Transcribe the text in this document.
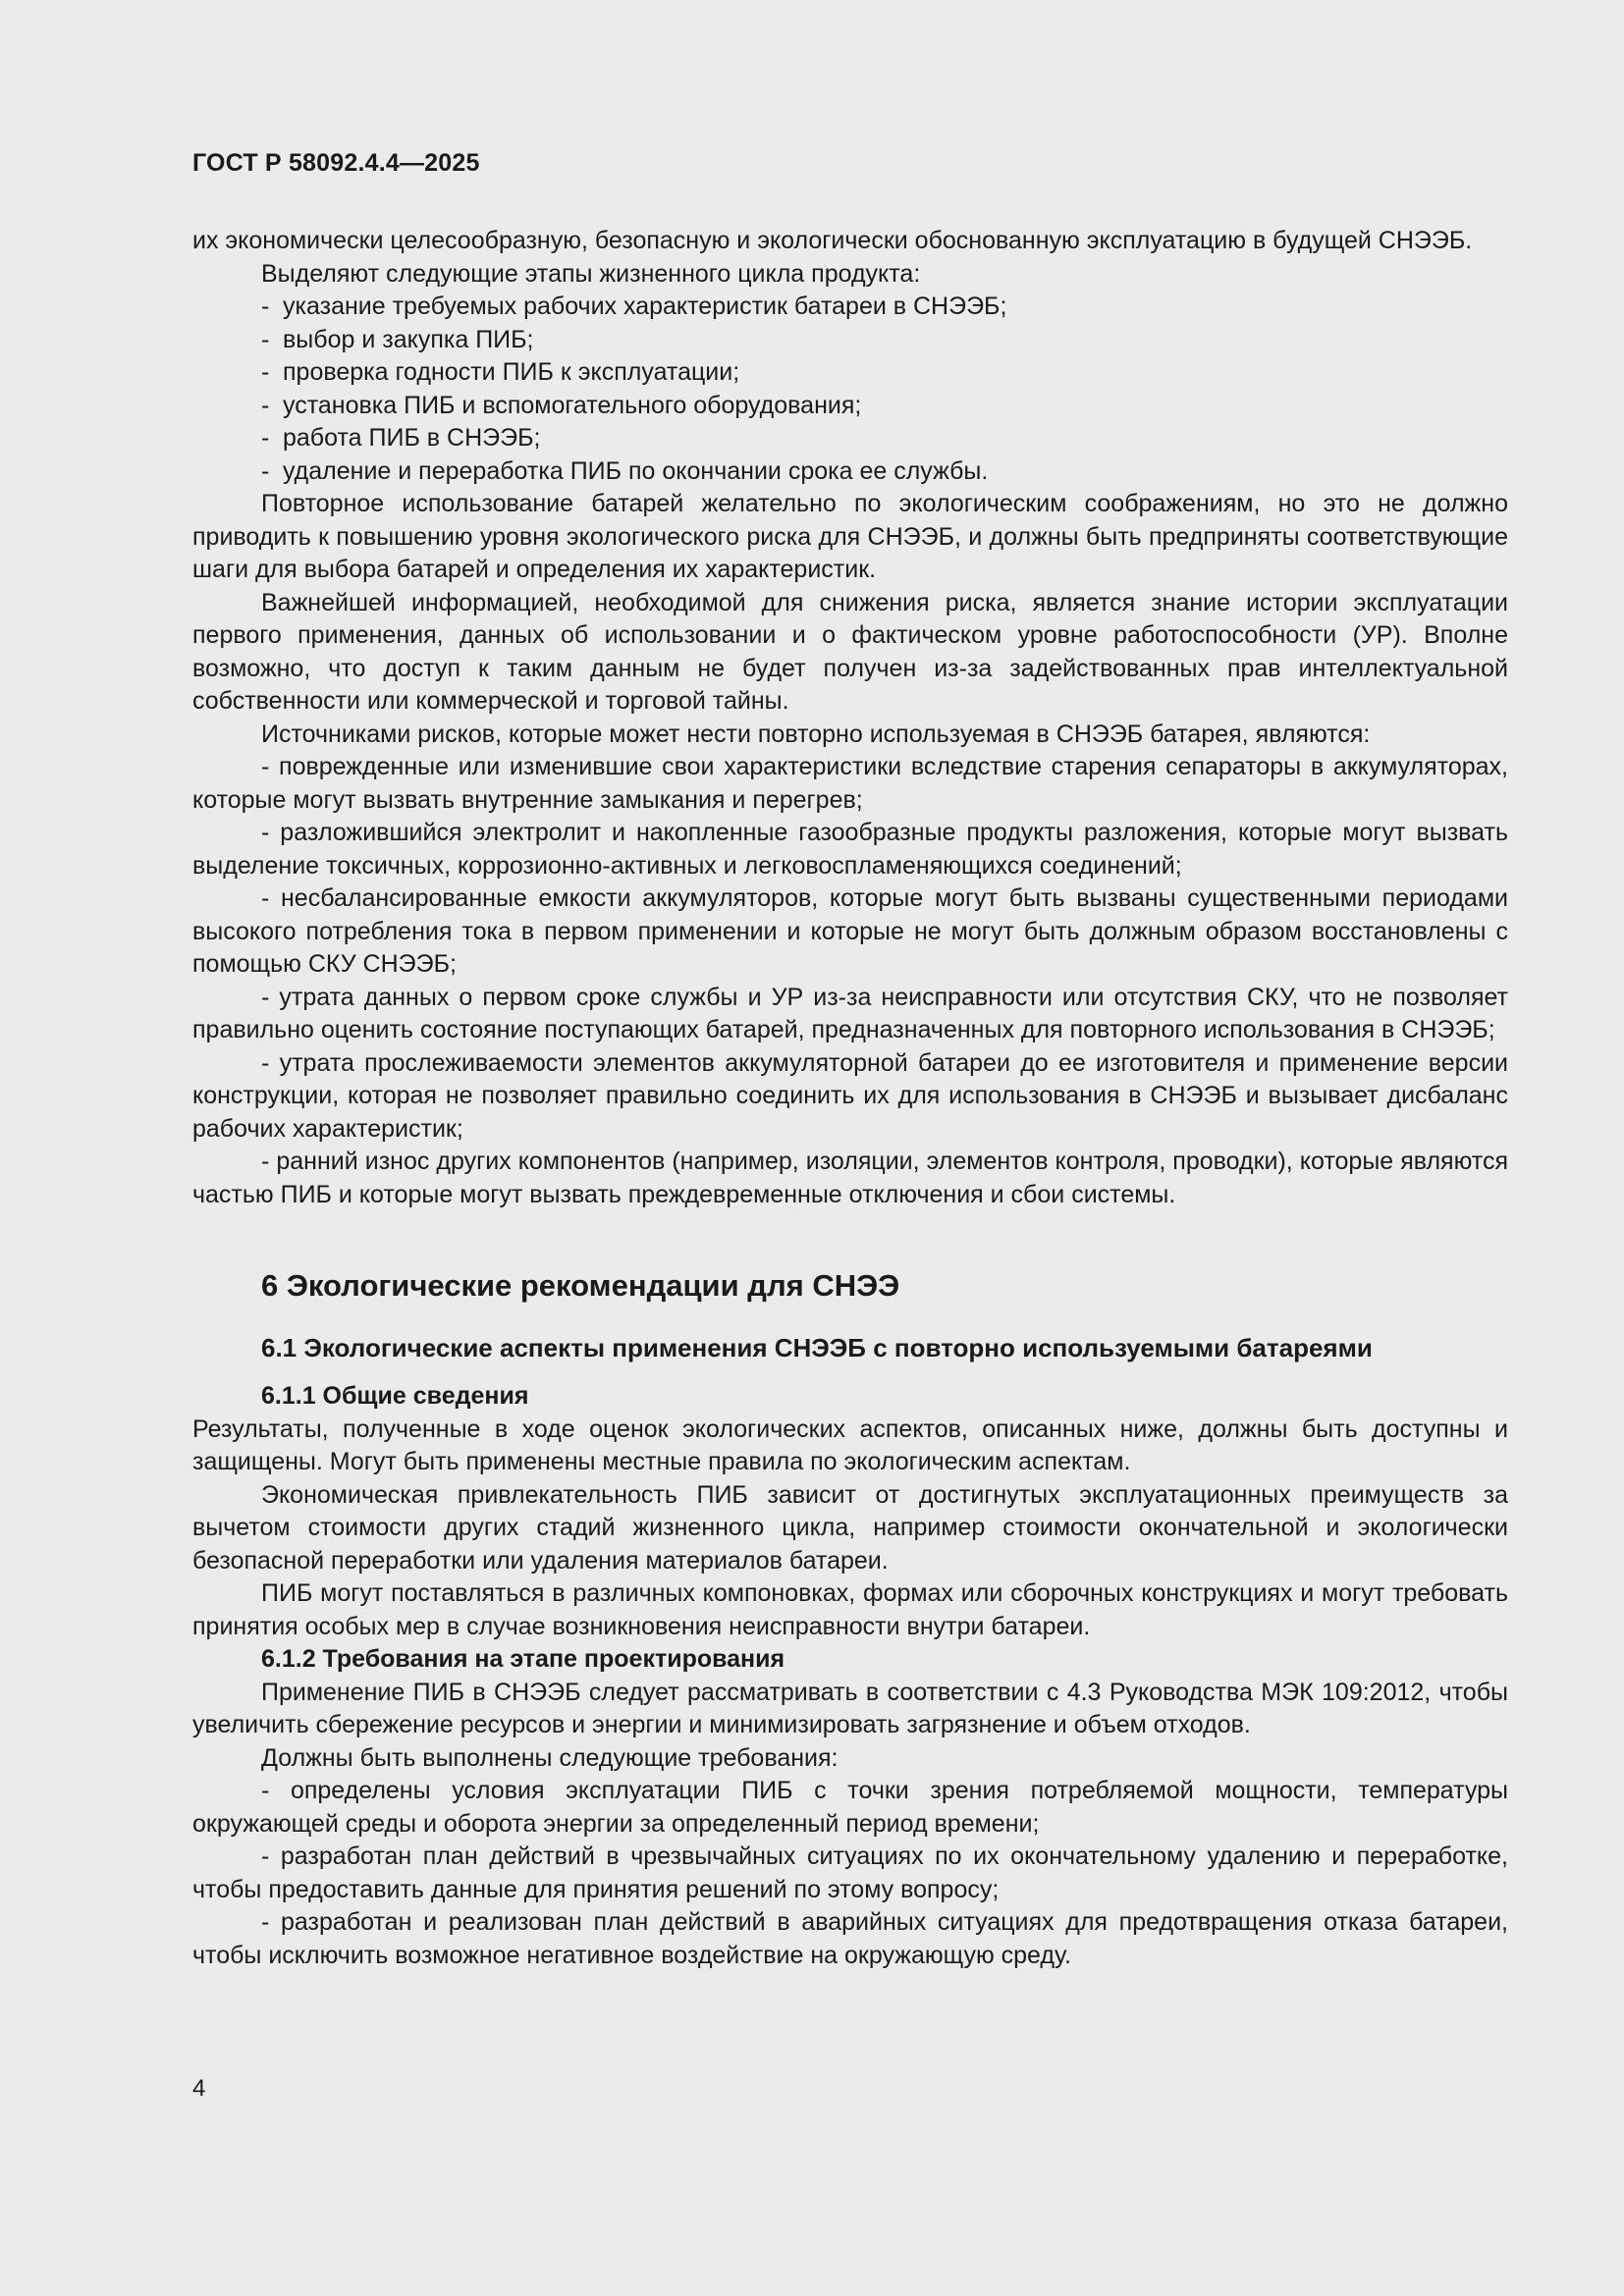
ГОСТ Р 58092.4.4—2025

их экономически целесообразную, безопасную и экологически обоснованную эксплуатацию в будущей СНЭЭБ.

Выделяют следующие этапы жизненного цикла продукта:

- указание требуемых рабочих характеристик батареи в СНЭЭБ;
- выбор и закупка ПИБ;
- проверка годности ПИБ к эксплуатации;
- установка ПИБ и вспомогательного оборудования;
- работа ПИБ в СНЭЭБ;
- удаление и переработка ПИБ по окончании срока ее службы.

Повторное использование батарей желательно по экологическим соображениям, но это не должно приводить к повышению уровня экологического риска для СНЭЭБ, и должны быть предприняты соответствующие шаги для выбора батарей и определения их характеристик.

Важнейшей информацией, необходимой для снижения риска, является знание истории эксплуатации первого применения, данных об использовании и о фактическом уровне работоспособности (УР). Вполне возможно, что доступ к таким данным не будет получен из-за задействованных прав интеллектуальной собственности или коммерческой и торговой тайны.

Источниками рисков, которые может нести повторно используемая в СНЭЭБ батарея, являются:

- поврежденные или изменившие свои характеристики вследствие старения сепараторы в аккумуляторах, которые могут вызвать внутренние замыкания и перегрев;

- разложившийся электролит и накопленные газообразные продукты разложения, которые могут вызвать выделение токсичных, коррозионно-активных и легковоспламеняющихся соединений;

- несбалансированные емкости аккумуляторов, которые могут быть вызваны существенными периодами высокого потребления тока в первом применении и которые не могут быть должным образом восстановлены с помощью СКУ СНЭЭБ;

- утрата данных о первом сроке службы и УР из-за неисправности или отсутствия СКУ, что не позволяет правильно оценить состояние поступающих батарей, предназначенных для повторного использования в СНЭЭБ;

- утрата прослеживаемости элементов аккумуляторной батареи до ее изготовителя и применение версии конструкции, которая не позволяет правильно соединить их для использования в СНЭЭБ и вызывает дисбаланс рабочих характеристик;

- ранний износ других компонентов (например, изоляции, элементов контроля, проводки), которые являются частью ПИБ и которые могут вызвать преждевременные отключения и сбои системы.

6 Экологические рекомендации для СНЭЭ
6.1 Экологические аспекты применения СНЭЭБ с повторно используемыми батареями
6.1.1 Общие сведения

Результаты, полученные в ходе оценок экологических аспектов, описанных ниже, должны быть доступны и защищены. Могут быть применены местные правила по экологическим аспектам.

Экономическая привлекательность ПИБ зависит от достигнутых эксплуатационных преимуществ за вычетом стоимости других стадий жизненного цикла, например стоимости окончательной и экологически безопасной переработки или удаления материалов батареи.

ПИБ могут поставляться в различных компоновках, формах или сборочных конструкциях и могут требовать принятия особых мер в случае возникновения неисправности внутри батареи.

6.1.2 Требования на этапе проектирования

Применение ПИБ в СНЭЭБ следует рассматривать в соответствии с 4.3 Руководства МЭК 109:2012, чтобы увеличить сбережение ресурсов и энергии и минимизировать загрязнение и объем отходов.

Должны быть выполнены следующие требования:

- определены условия эксплуатации ПИБ с точки зрения потребляемой мощности, температуры окружающей среды и оборота энергии за определенный период времени;

- разработан план действий в чрезвычайных ситуациях по их окончательному удалению и переработке, чтобы предоставить данные для принятия решений по этому вопросу;

- разработан и реализован план действий в аварийных ситуациях для предотвращения отказа батареи, чтобы исключить возможное негативное воздействие на окружающую среду.

4
